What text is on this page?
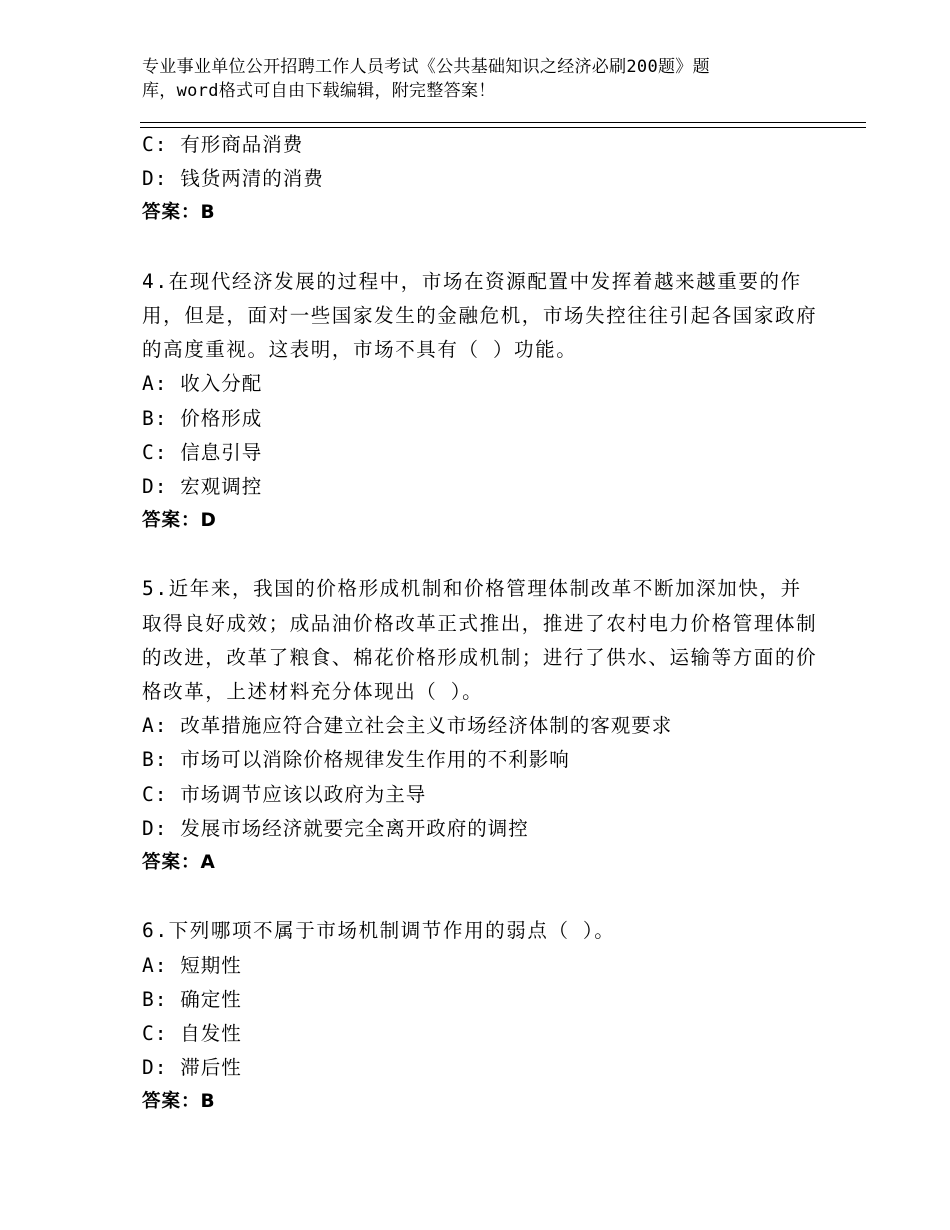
专业事业单位公开招聘工作人员考试《公共基础知识之经济必刷200题》题
库，word格式可自由下载编辑，附完整答案！
C: 有形商品消费
D: 钱货两清的消费
答案：B
4.在现代经济发展的过程中，市场在资源配置中发挥着越来越重要的作用，但是，面对一些国家发生的金融危机，市场失控往往引起各国家政府的高度重视。这表明，市场不具有（ ）功能。
A: 收入分配
B: 价格形成
C: 信息引导
D: 宏观调控
答案：D
5.近年来，我国的价格形成机制和价格管理体制改革不断加深加快，并取得良好成效；成品油价格改革正式推出，推进了农村电力价格管理体制的改进，改革了粮食、棉花价格形成机制；进行了供水、运输等方面的价格改革，上述材料充分体现出（ ）。
A: 改革措施应符合建立社会主义市场经济体制的客观要求
B: 市场可以消除价格规律发生作用的不利影响
C: 市场调节应该以政府为主导
D: 发展市场经济就要完全离开政府的调控
答案：A
6.下列哪项不属于市场机制调节作用的弱点（ ）。
A: 短期性
B: 确定性
C: 自发性
D: 滞后性
答案：B
